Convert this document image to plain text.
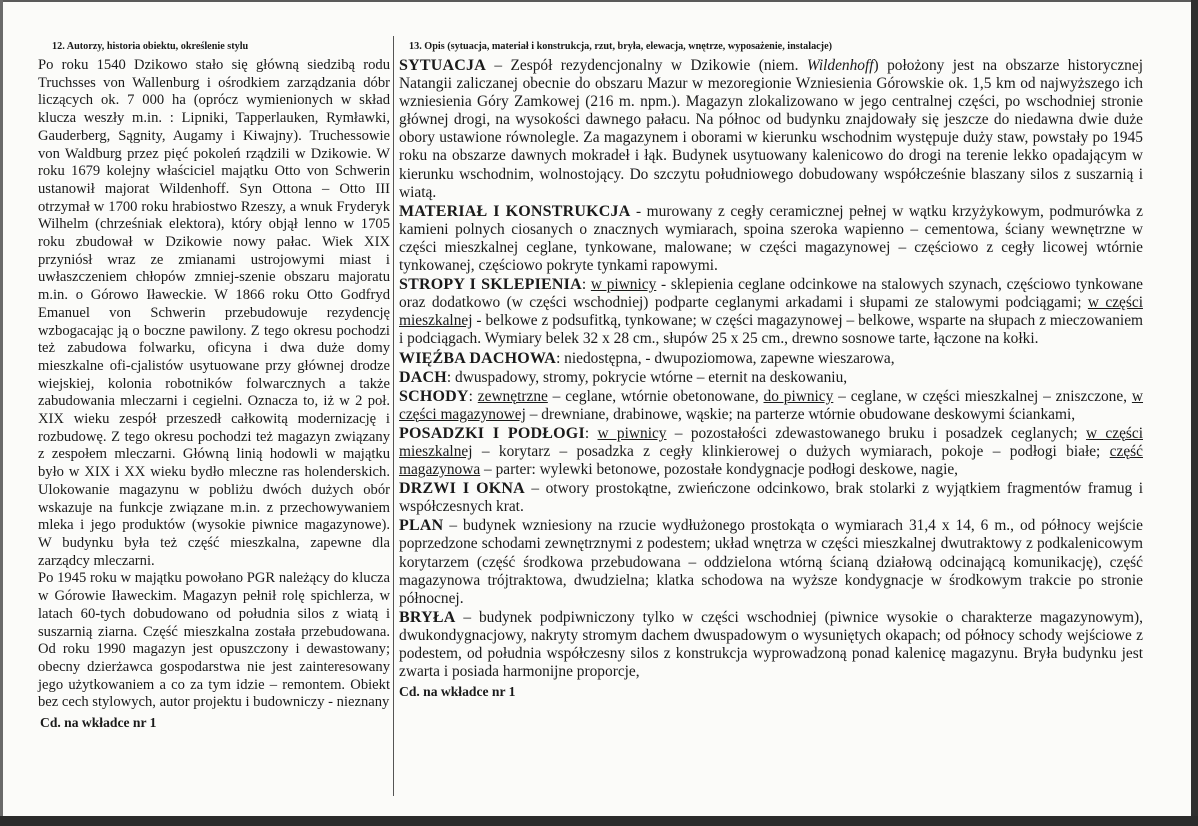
12. Autorzy, historia obiektu, określenie stylu

Po roku 1540 Dzikowo stało się główną siedzibą rodu Truchsses von Wallenburg i ośrodkiem zarządzania dóbr liczących ok. 7 000 ha (oprócz wymienionych w skład klucza weszły m.in. : Lipniki, Tapperlauken, Rymławki, Gauderberg, Sągnity, Augamy i Kiwajny). Truchessowie von Waldburg przez pięć pokoleń rządzili w Dzikowie. W roku 1679 kolejny właściciel majątku Otto von Schwerin ustanowił majorat Wildenhoff. Syn Ottona – Otto III otrzymał w 1700 roku hrabiostwo Rzeszy, a wnuk Fryderyk Wilhelm (chrześniak elektora), który objął lenno w 1705 roku zbudował w Dzikowie nowy pałac. Wiek XIX przyniósł wraz ze zmianami ustrojowymi miast i uwłaszczeniem chłopów zmniej-szenie obszaru majoratu m.in. o Górowo Iławeckie. W 1866 roku Otto Godfryd Emanuel von Schwerin przebudowuje rezydencję wzbogacając ją o boczne pawilony. Z tego okresu pochodzi też zabudowa folwarku, oficyna i dwa duże domy mieszkalne ofi-cjalistów usytuowane przy głównej drodze wiejskiej, kolonia robotników folwarcznych a także zabudowania mleczarni i cegielni. Oznacza to, iż w 2 poł. XIX wieku zespół przeszedł całkowitą modernizację i rozbudowę. Z tego okresu pochodzi też magazyn związany z zespołem mleczarni. Główną linią hodowli w majątku było w XIX i XX wieku bydło mleczne ras holenderskich. Ulokowanie magazynu w pobliżu dwóch dużych obór wskazuje na funkcje związane m.in. z przechowywaniem mleka i jego produktów (wysokie piwnice magazynowe). W budynku była też część mieszkalna, zapewne dla zarządcy mleczarni.

Po 1945 roku w majątku powołano PGR należący do klucza w Górowie Iławeckim. Magazyn pełnił rolę spichlerza, w latach 60-tych dobudowano od południa silos z wiatą i suszarnią ziarna. Część mieszkalna została przebudowana. Od roku 1990 magazyn jest opuszczony i dewastowany; obecny dzierżawca gospodarstwa nie jest zainteresowany jego użytkowaniem a co za tym idzie – remontem. Obiekt bez cech stylowych, autor projektu i budowniczy - nieznany

Cd. na wkładce nr 1
13. Opis (sytuacja, materiał i konstrukcja, rzut, bryła, elewacja, wnętrze, wyposażenie, instalacje)

SYTUACJA – Zespół rezydencjonalny w Dzikowie (niem. Wildenhoff) położony jest na obszarze historycznej Natangii zaliczanej obecnie do obszaru Mazur w mezoregionie Wzniesienia Górowskie ok. 1,5 km od najwyższego ich wzniesienia Góry Zamkowej (216 m. npm.). Magazyn zlokalizowano w jego centralnej części, po wschodniej stronie głównej drogi, na wysokości dawnego pałacu. Na północ od budynku znajdowały się jeszcze do niedawna dwie duże obory ustawione równolegle. Za magazynem i oborami w kierunku wschodnim występuje duży staw, powstały po 1945 roku na obszarze dawnych mokradeł i łąk. Budynek usytuowany kalenicowo do drogi na terenie lekko opadającym w kierunku wschodnim, wolnostojący. Do szczytu południowego dobudowany współcześnie blaszany silos z suszarnią i wiatą.

MATERIAŁ I KONSTRUKCJA - murowany z cegły ceramicznej pełnej w wątku krzyżykowym, podmurówka z kamieni polnych ciosanych o znacznych wymiarach, spoina szeroka wapienno – cementowa, ściany wewnętrzne w części mieszkalnej ceglane, tynkowane, malowane; w części magazynowej – częściowo z cegły licowej wtórnie tynkowanej, częściowo pokryte tynkami rapowymi.

STROPY I SKLEPIENIA: w piwnicy - sklepienia ceglane odcinkowe na stalowych szynach, częściowo tynkowane oraz dodatkowo (w części wschodniej) podparte ceglanymi arkadami i słupami ze stalowymi podciągami; w części mieszkalnej - belkowe z podsufitką, tynkowane; w części magazynowej – belkowe, wsparte na słupach z mieczowaniem i podciągach. Wymiary belek 32 x 28 cm., słupów 25 x 25 cm., drewno sosnowe tarte, łączone na kołki.

WIĘŹBA DACHOWA: niedostępna, - dwupoziomowa, zapewne wieszarowa,

DACH: dwuspadowy, stromy, pokrycie wtórne – eternit na deskowaniu,

SCHODY: zewnętrzne – ceglane, wtórnie obetonowane, do piwnicy – ceglane, w części mieszkalnej – zniszczone, w części magazynowej – drewniane, drabinowe, wąskie; na parterze wtórnie obudowane deskowymi ściankami,

POSADZKI I PODŁOGI: w piwnicy – pozostałości zdewastowanego bruku i posadzek ceglanych; w części mieszkalnej – korytarz – posadzka z cegły klinkierowej o dużych wymiarach, pokoje – podłogi białe; część magazynowa – parter: wylewki betonowe, pozostałe kondygnacje podłogi deskowe, nagie,

DRZWI I OKNA – otwory prostokątne, zwieńczone odcinkowo, brak stolarki z wyjątkiem fragmentów framug i współczesnych krat.

PLAN – budynek wzniesiony na rzucie wydłużonego prostokąta o wymiarach 31,4 x 14, 6 m., od północy wejście poprzedzone schodami zewnętrznymi z podestem; układ wnętrza w części mieszkalnej dwutraktowy z podkalenicowym korytarzem (część środkowa przebudowana – oddzielona wtórną ścianą działową odcinającą komunikację), część magazynowa trójtraktowa, dwudzielna; klatka schodowa na wyższe kondygnacje w środkowym trakcie po stronie północnej.

BRYŁA – budynek podpiwniczony tylko w części wschodniej (piwnice wysokie o charakterze magazynowym), dwukondygnacjowy, nakryty stromym dachem dwuspadowym o wysuniętych okapach; od północy schody wejściowe z podestem, od południa współczesny silos z konstrukcja wyprowadzoną ponad kalenicę magazynu. Bryła budynku jest zwarta i posiada harmonijne proporcje,

Cd. na wkładce nr 1
